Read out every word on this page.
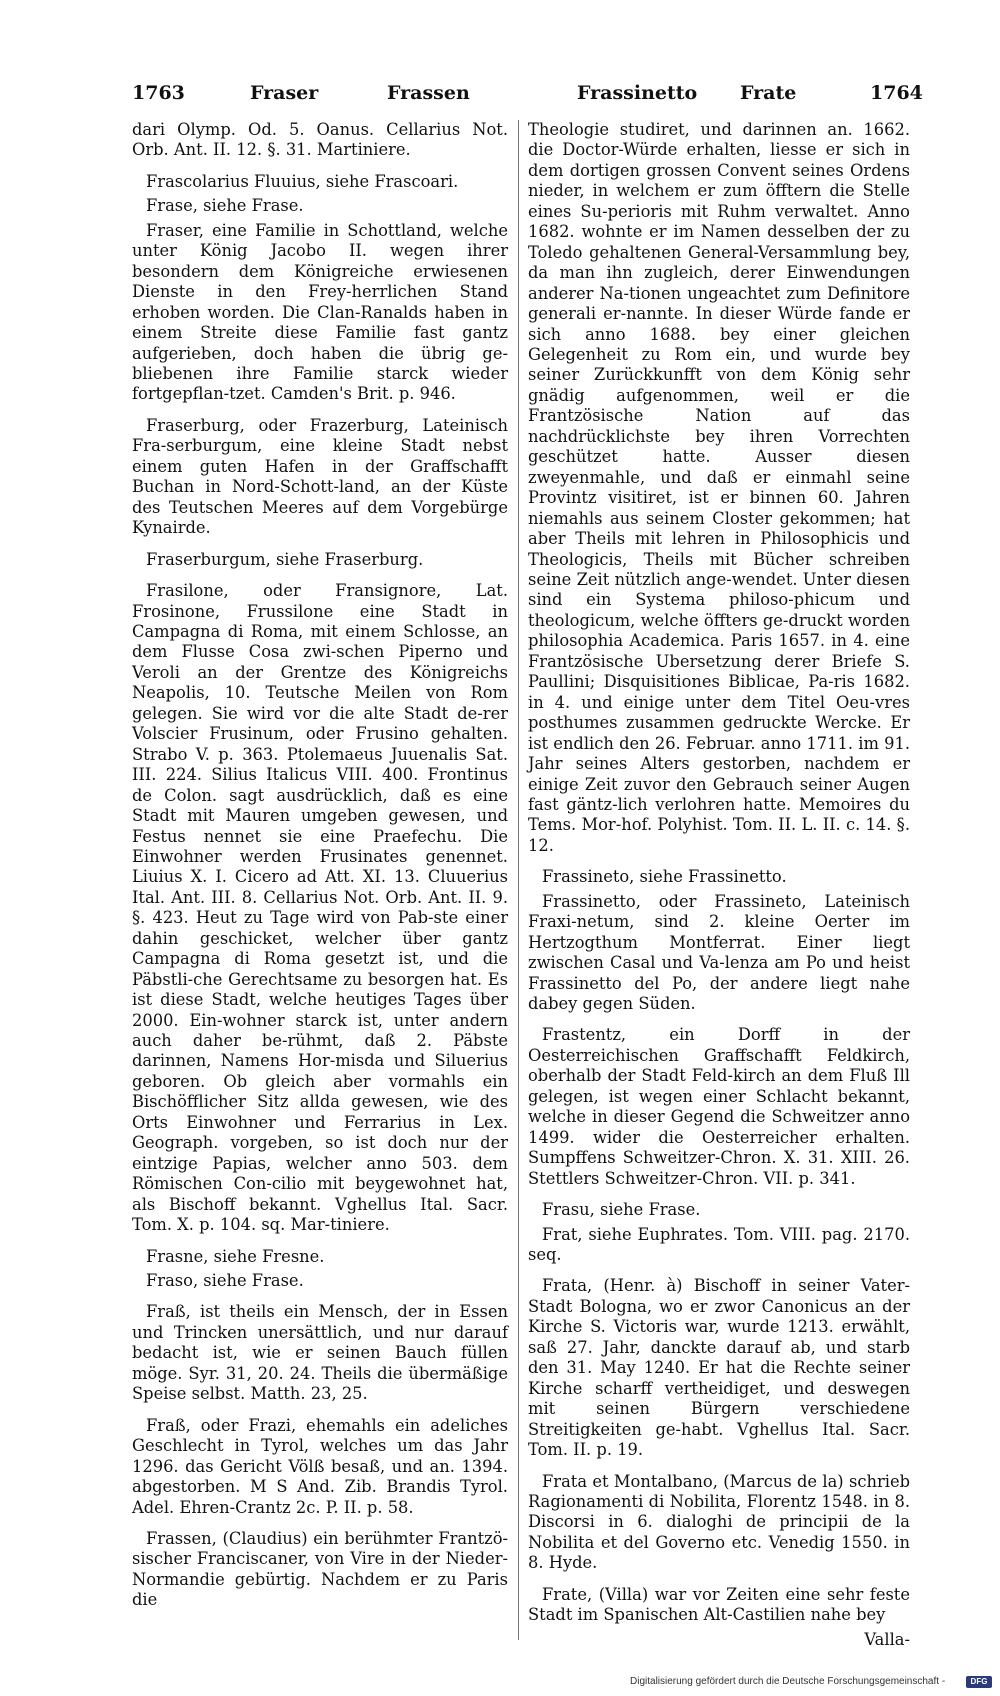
1763	Fraser	Frassen	Frassinetto Frate	1764

dari Olymp. Od. 5. Oanus. Cellarius Not. Orb. Ant. II. 12. §. 31. Martiniere.

Frascolarius Fluuius, siehe Frascoari.

Frase, siehe Frase.

Fraser, eine Familie in Schottland, welche unter König Jacobo II. wegen ihrer besondern dem Königreiche erwiesenen Dienste in den Frey-herrlichen Stand erhoben worden. Die Clan-Ranalds haben in einem Streite diese Familie fast gantz aufgerieben, doch haben die übrig ge-bliebenen ihre Familie starck wieder fortgepflan-tzet. Camden's Brit. p. 946.

Fraserburg, oder Frazerburg, Lateinisch Fra-serburgum, eine kleine Stadt nebst einem guten Hafen in der Graffschafft Buchan in Nord-Schott-land, an der Küste des Teutschen Meeres auf dem Vorgebürge Kynairde.

Fraserburgum, siehe Fraserburg.

Frasilone, oder Fransignore, Lat. Frosinone, Frussilone eine Stadt in Campagna di Roma, mit einem Schlosse, an dem Flusse Cosa zwi-schen Piperno und Veroli an der Grentze des Königreichs Neapolis, 10. Teutsche Meilen von Rom gelegen. Sie wird vor die alte Stadt de-rer Volscier Frusinum, oder Frusino gehalten. Strabo V. p. 363. Ptolemaeus Juuenalis Sat. III. 224. Silius Italicus VIII. 400. Frontinus de Colon. sagt ausdrücklich, daß es eine Stadt mit Mauren umgeben gewesen, und Festus nennet sie eine Praefechu. Die Einwohner werden Frusinates genennet. Liuius X. I. Cicero ad Att. XI. 13. Cluuerius Ital. Ant. III. 8. Cellarius Not. Orb. Ant. II. 9. §. 423. Heut zu Tage wird von Pab-ste einer dahin geschicket, welcher über gantz Campagna di Roma gesetzt ist, und die Päbstli-che Gerechtsame zu besorgen hat. Es ist diese Stadt, welche heutiges Tages über 2000. Ein-wohner starck ist, unter andern auch daher be-rühmt, daß 2. Päbste darinnen, Namens Hor-misda und Siluerius geboren. Ob gleich aber vormahls ein Bischöfflicher Sitz allda gewesen, wie des Orts Einwohner und Ferrarius in Lex. Geograph. vorgeben, so ist doch nur der eintzige Papias, welcher anno 503. dem Römischen Con-cilio mit beygewohnet hat, als Bischoff bekannt. Vghellus Ital. Sacr. Tom. X. p. 104. sq. Mar-tiniere.

Frasne, siehe Fresne.

Fraso, siehe Frase.

Fraß, ist theils ein Mensch, der in Essen und Trincken unersättlich, und nur darauf bedacht ist, wie er seinen Bauch füllen möge. Syr. 31, 20. 24. Theils die übermäßige Speise selbst. Matth. 23, 25.

Fraß, oder Frazi, ehemahls ein adeliches Geschlecht in Tyrol, welches um das Jahr 1296. das Gericht Völß besaß, und an. 1394. abgestorben. M S And. Zib. Brandis Tyrol. Adel. Ehren-Crantz 2c. P. II. p. 58.

Frassen, (Claudius) ein berühmter Frantzö-sischer Franciscaner, von Vire in der Nieder-Normandie gebürtig. Nachdem er zu Paris die

Theologie studiret, und darinnen an. 1662. die Doctor-Würde erhalten, liesse er sich in dem dortigen grossen Convent seines Ordens nieder, in welchem er zum öfftern die Stelle eines Su-perioris mit Ruhm verwaltet. Anno 1682. wohnte er im Namen desselben der zu Toledo gehaltenen General-Versammlung bey, da man ihn zugleich, derer Einwendungen anderer Na-tionen ungeachtet zum Definitore generali er-nannte. In dieser Würde fande er sich anno 1688. bey einer gleichen Gelegenheit zu Rom ein, und wurde bey seiner Zurückkunfft von dem König sehr gnädig aufgenommen, weil er die Frantzösische Nation auf das nachdrücklichste bey ihren Vorrechten geschützet hatte. Ausser diesen zweyenmahle, und daß er einmahl seine Provintz visitiret, ist er binnen 60. Jahren niemahls aus seinem Closter gekommen; hat aber Theils mit lehren in Philosophicis und Theologicis, Theils mit Bücher schreiben seine Zeit nützlich ange-wendet. Unter diesen sind ein Systema philoso-phicum und theologicum, welche öffters ge-druckt worden philosophia Academica. Paris 1657. in 4. eine Frantzösische Ubersetzung derer Briefe S. Paullini; Disquisitiones Biblicae, Pa-ris 1682. in 4. und einige unter dem Titel Oeu-vres posthumes zusammen gedruckte Wercke. Er ist endlich den 26. Februar. anno 1711. im 91. Jahr seines Alters gestorben, nachdem er einige Zeit zuvor den Gebrauch seiner Augen fast gäntz-lich verlohren hatte. Memoires du Tems. Mor-hof. Polyhist. Tom. II. L. II. c. 14. §. 12.

Frassineto, siehe Frassinetto.

Frassinetto, oder Frassineto, Lateinisch Fraxi-netum, sind 2. kleine Oerter im Hertzogthum Montferrat. Einer liegt zwischen Casal und Va-lenza am Po und heist Frassinetto del Po, der andere liegt nahe dabey gegen Süden.

Frastentz, ein Dorff in der Oesterreichischen Graffschafft Feldkirch, oberhalb der Stadt Feld-kirch an dem Fluß Ill gelegen, ist wegen einer Schlacht bekannt, welche in dieser Gegend die Schweitzer anno 1499. wider die Oesterreicher erhalten. Sumpffens Schweitzer-Chron. X. 31. XIII. 26. Stettlers Schweitzer-Chron. VII. p. 341.

Frasu, siehe Frase.

Frat, siehe Euphrates. Tom. VIII. pag. 2170. seq.

Frata, (Henr. à) Bischoff in seiner Vater-Stadt Bologna, wo er zwor Canonicus an der Kirche S. Victoris war, wurde 1213. erwählt, saß 27. Jahr, danckte darauf ab, und starb den 31. May 1240. Er hat die Rechte seiner Kirche scharff vertheidiget, und deswegen mit seinen Bürgern verschiedene Streitigkeiten ge-habt. Vghellus Ital. Sacr. Tom. II. p. 19.

Frata et Montalbano, (Marcus de la) schrieb Ragionamenti di Nobilita, Florentz 1548. in 8. Discorsi in 6. dialoghi de principii de la Nobilita et del Governo etc. Venedig 1550. in 8. Hyde.

Frate, (Villa) war vor Zeiten eine sehr feste Stadt im Spanischen Alt-Castilien nahe bey

Valla-

Digitalisierung gefördert durch die Deutsche Forschungsgemeinschaft -	DFG
